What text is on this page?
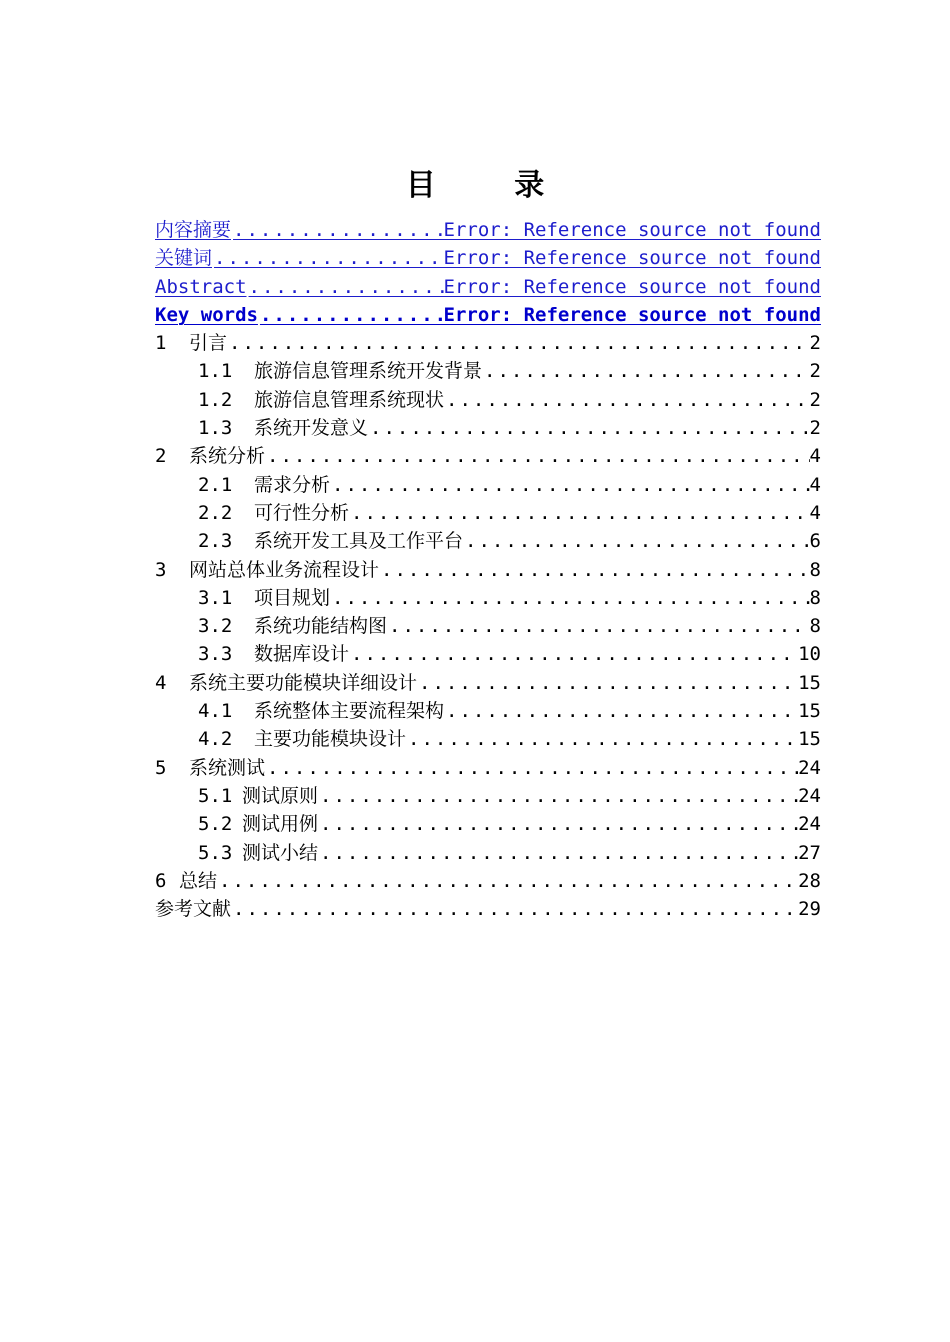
目 录
内容摘要 .....	Error: Reference source not found
关键词 .....	Error: Reference source not found
Abstract .....	Error: Reference source not found
Key words .....	Error: Reference source not found
1	引言 .....	2
1.1	旅游信息管理系统开发背景 .....	2
1.2	旅游信息管理系统现状 .....	2
1.3	系统开发意义 .....	2
2	系统分析 .....	4
2.1	需求分析 .....	4
2.2	可行性分析 .....	4
2.3	系统开发工具及工作平台 .....	6
3	网站总体业务流程设计 .....	8
3.1	项目规划 .....	8
3.2	系统功能结构图 .....	8
3.3	数据库设计 .....	10
4	系统主要功能模块详细设计 .....	15
4.1	系统整体主要流程架构 .....	15
4.2	主要功能模块设计 .....	15
5	系统测试 .....	24
5.1 测试原则 .....	24
5.2 测试用例 .....	24
5.3 测试小结 .....	27
6 总结 .....	28
参考文献 .....	29
